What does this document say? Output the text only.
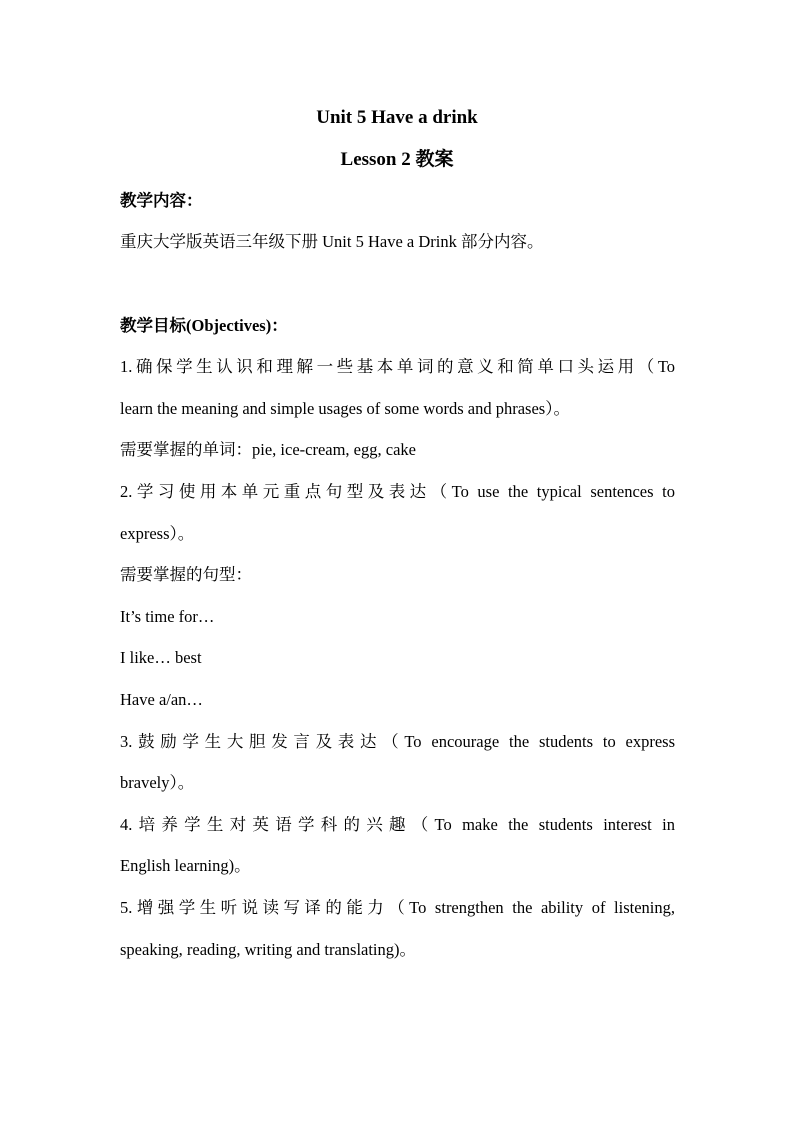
Unit 5 Have a drink
Lesson 2 教案
教学内容：
重庆大学版英语三年级下册 Unit 5 Have a Drink 部分内容。
教学目标(Objectives)：
1.确保学生认识和理解一些基本单词的意义和简单口头运用（To
learn the meaning and simple usages of some words and phrases）。
需要掌握的单词：pie, ice-cream, egg, cake
2.学习使用本单元重点句型及表达（To use the typical sentences to
express）。
需要掌握的句型：
It’s time for…
I like… best
Have a/an…
3.鼓励学生大胆发言及表达（To encourage the students to express
bravely）。
4.培养学生对英语学科的兴趣（To make the students interest in
English learning)。
5.增强学生听说读写译的能力（To strengthen the ability of listening,
speaking, reading, writing and translating)。
